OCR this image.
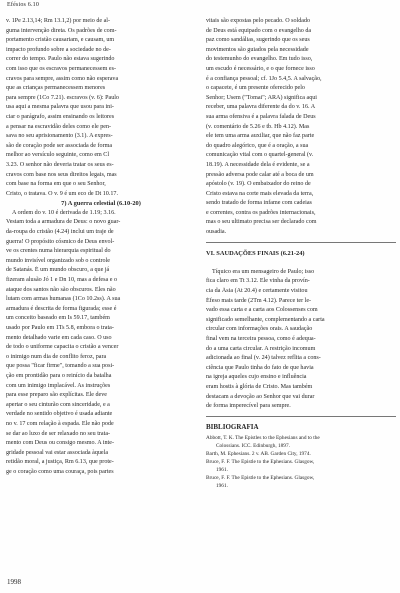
Efésios 6.10
v. 1Pe 2.13,14; Rm 13.1,2) por meio de al-
guma intervenção direta. Os padrões de com-
portamento cristão causariam, e causam, um
impacto profundo sobre a sociedade no de-
correr do tempo. Paulo não estava sugerindo
com isso que os escravos permanecessem es-
cravos para sempre, assim como não esperava
que as crianças permanecessem menores
para sempre (1Co 7.21). escravos (v. 6): Paulo
usa aqui a mesma palavra que usou para ini-
ciar o parágrafo, assim ensinando os leitores
a pensar na escravidão deles como ele pen-
sava no seu aprisionamento (3.1). A expres-
são de coração pode ser associada de forma
melhor ao versículo seguinte, como em Cl
3.23. O senhor não deveria tratar os seus es-
cravos com base nos seus direitos legais, mas
com base na forma em que o seu Senhor,
Cristo, o tratava. O v. 9 é um eco de Dt 10.17.
7) A guerra celestial (6.10-20)
A ordem do v. 10 é derivada de 1.19; 3.16.
Vestam toda a armadura de Deus: o novo guar-
da-roupa do cristão (4.24) inclui um traje de
guerra! O propósito cósmico de Deus envol-
ve os crentes numa hierarquia espiritual do
mundo invisível organizado sob o controle
de Satanás. É um mundo obscuro, a que já
fizeram alusão Jó 1 e Dn 10, mas a defesa e o
ataque dos santos não são obscuros. Eles não
lutam com armas humanas (1Co 10.2ss). A sua
armadura é descrita de forma figurada; esse é
um conceito baseado em Is 59.17, também
usado por Paulo em 1Ts 5.8, embora o trata-
mento detalhado varie em cada caso. O uso
de todo o uniforme capacita o cristão a vencer
o inimigo num dia de conflito feroz, para
que possa "ficar firme", tomando a sua posi-
ção em prontidão para o reinício da batalha
com um inimigo implacável. As instruções
para esse preparo são explícitas. Ele deve
apertar o seu cinturão com sinceridade, e a
verdade no sentido objetivo é usada adiante
no v. 17 com relação à espada. Ele não pode
se dar ao luxo de ser relaxado no seu trata-
mento com Deus ou consigo mesmo. A inte-
gridade pessoal vai estar associada àquela
retidão moral, a justiça, Rm 6.13, que prote-
ge o coração como uma couraça, pois partes
vitais são expostas pelo pecado. O soldado
de Deus está equipado com o evangelho da
paz como sandálias, sugerindo que os seus
movimentos são guiados pela necessidade
do testemunho do evangelho. Em tudo isso,
um escudo é necessário, e o que fornece isso
é a confiança pessoal; cf. 1Jo 5.4,5. A salvação,
o capacete, é um presente oferecido pelo
Senhor; Usem ("Tomai"; ARA) significa aqui
receber, uma palavra diferente da do v. 16. A
sua arma ofensiva é a palavra falada de Deus
(v. comentário de 5.26 e tb. Hb 4.12). Mas
ele tem uma arma auxiliar, que não faz parte
do quadro alegórico, que é a oração, a sua
comunicação vital com o quartel-general (v.
18.19). A necessidade dela é evidente, se a
pressão adversa pode calar até a boca de um
apóstolo (v. 19). O embaixador do reino de
Cristo estava na corte mais elevada da terra,
sendo tratado de forma infame com cadeias
e correntes, contra os padrões internacionais,
mas o seu ultimato precisa ser declarado com
ousadia.
VI. SAUDAÇÕES FINAIS (6.21-24)
Tíquico era um mensageiro de Paulo; isso
fica claro em Tt 3.12. Ele vinha da provín-
cia da Ásia (At 20.4) e certamente visitou
Éfeso mais tarde (2Tm 4.12). Parece ter le-
vado essa carta e a carta aos Colossenses com
significado semelhante, complementando a carta
circular com informações orais. A saudação
final vem na terceira pessoa, como é adequa-
do a uma carta circular. A restrição incomum
adicionada ao final (v. 24) talvez reflita a cons-
ciência que Paulo tinha do fato de que havia
na igreja aqueles cujo ensino e influência
eram hostis à glória de Cristo. Mas também
destacam a devoção ao Senhor que vai durar
de forma imperecível para sempre.
BIBLIOGRAFIA
Abbott, T. K. The Epistles to the Ephesians and to the
Colossians. ICC. Edinburgh, 1897.
Barth, M. Ephesians. 2 v. AB. Garden City, 1974.
Bruce, F. F. The Epistle to the Ephesians. Glasgow,
1961.
Bruce, F. F. The Epistle to the Ephesians. Glasgow,
1961.
1998
